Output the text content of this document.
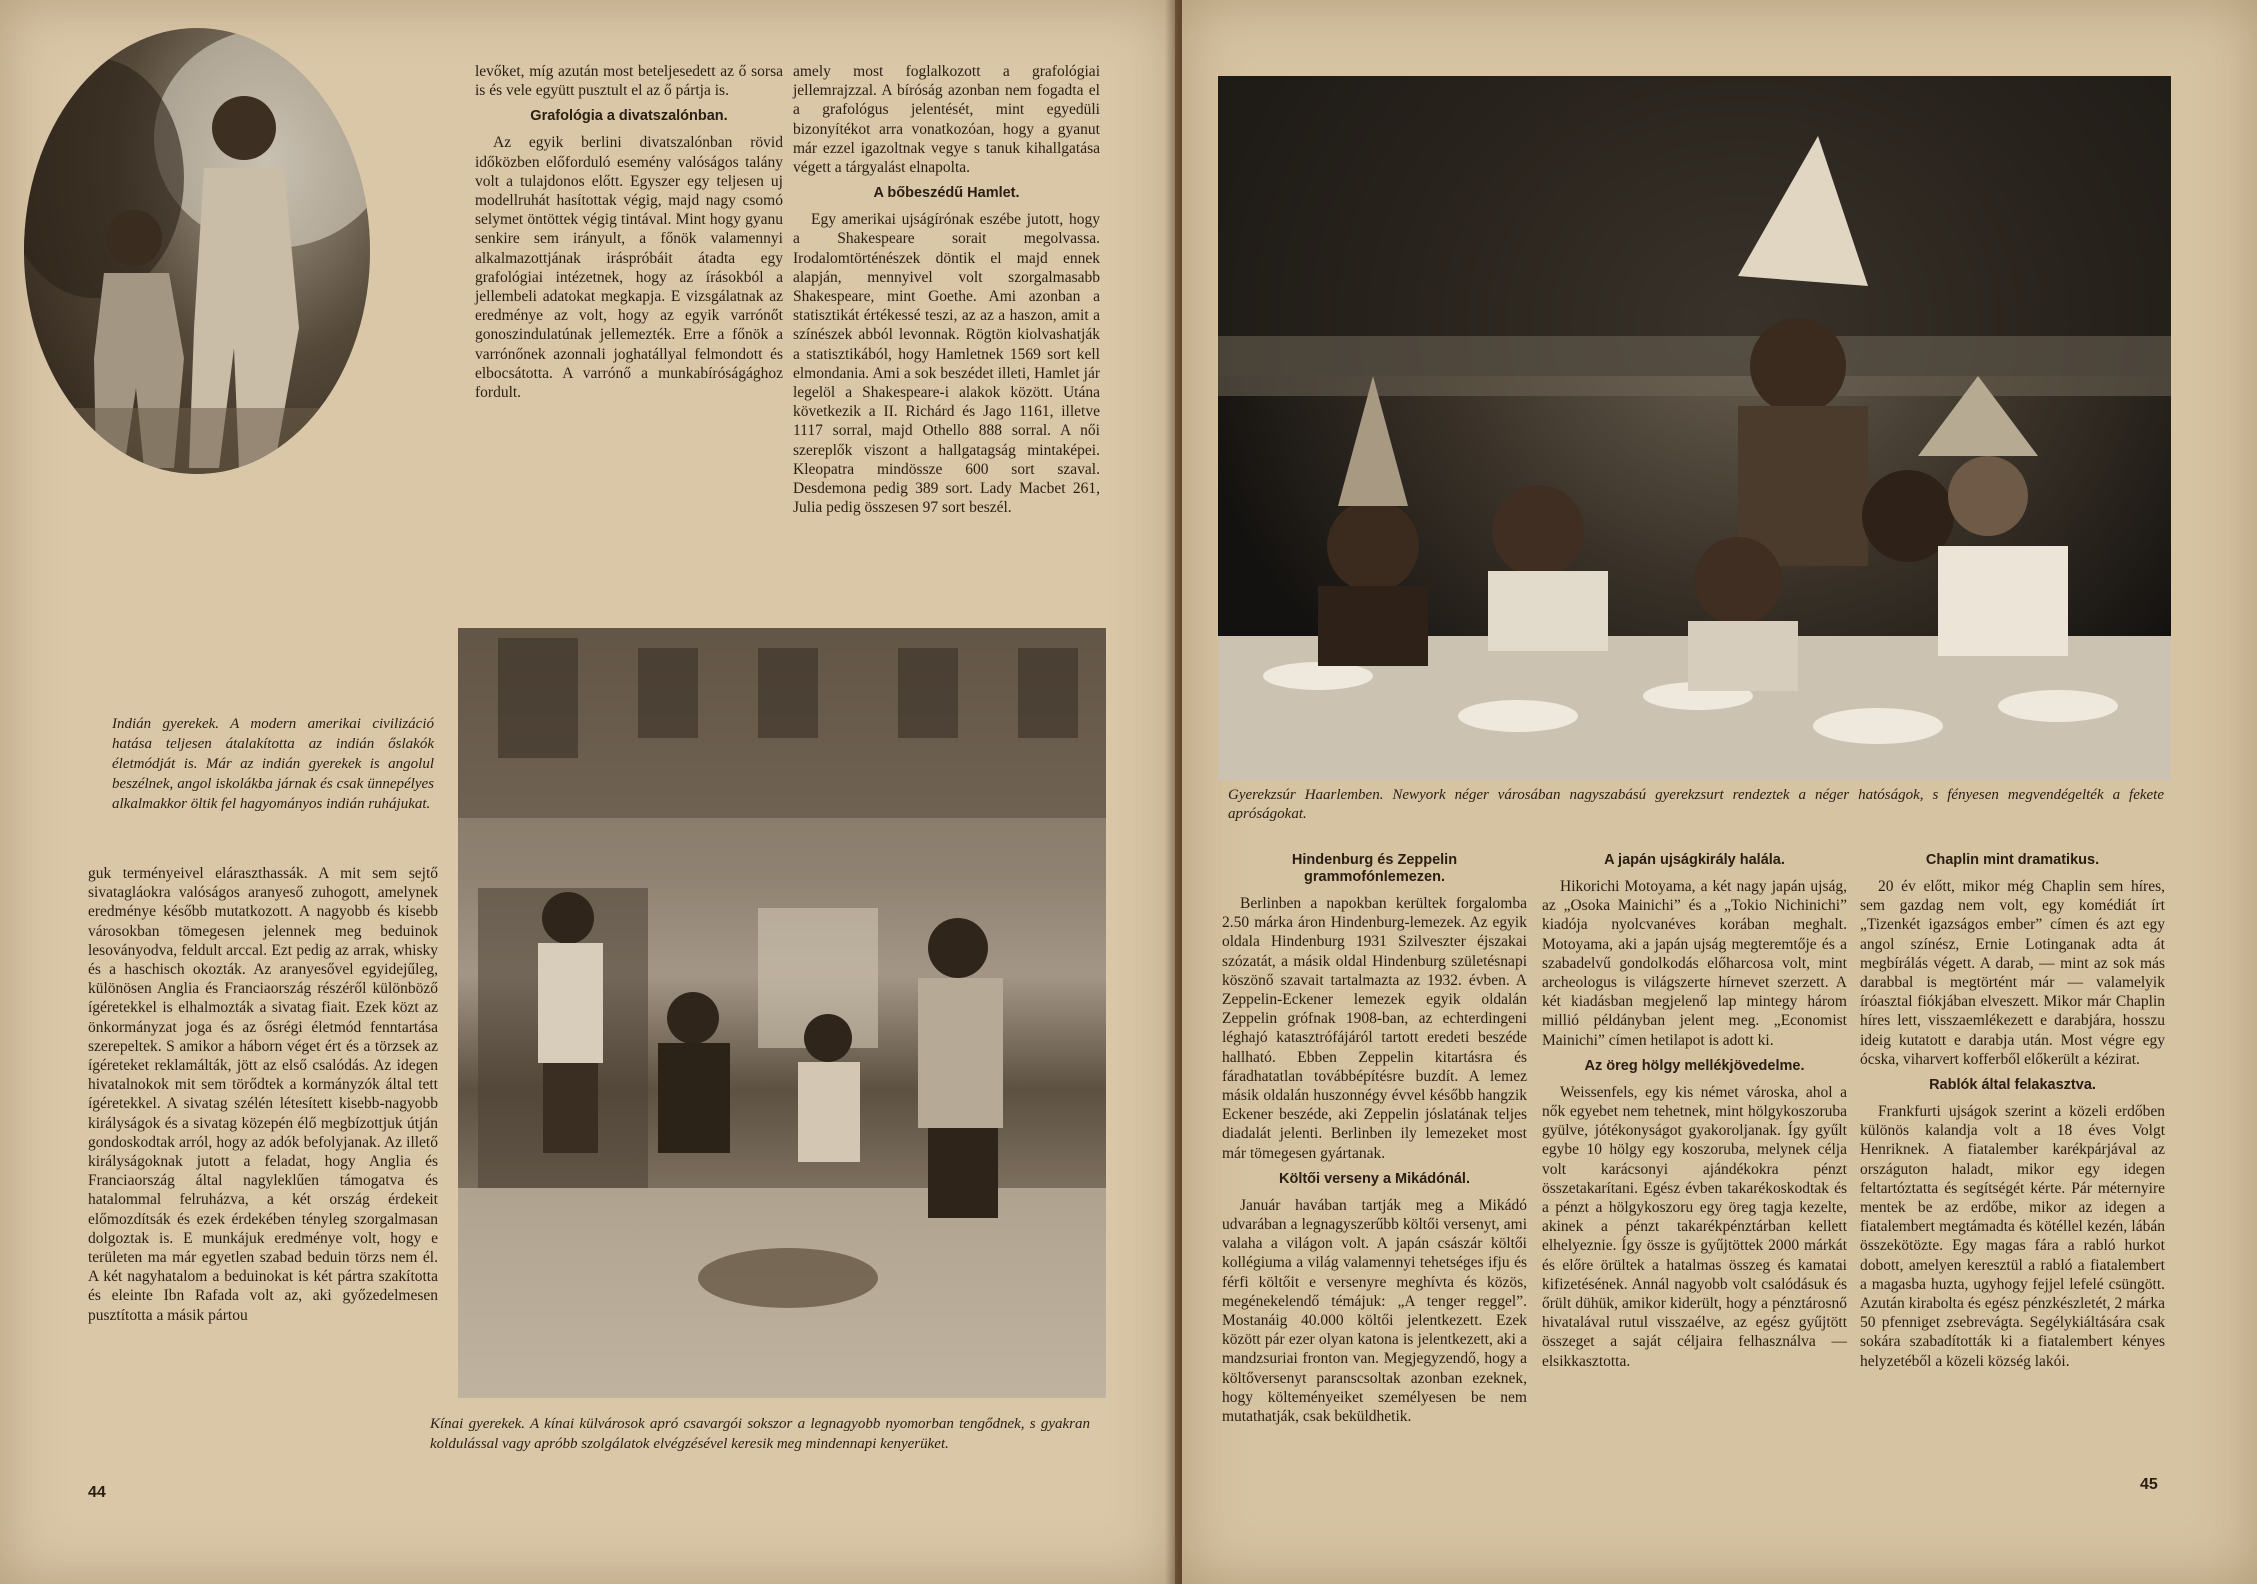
levőket, míg azután most beteljesedett az ő sorsa is és vele együtt pusztult el az ő pártja is.

Grafológia a divatszalónban.

Az egyik berlini divatszalónban rövid időközben előforduló esemény valóságos talány volt a tulajdonos előtt. Egyszer egy teljesen uj modellruhát hasítottak végig, majd nagy csomó selymet öntöttek végig tintával. Mint hogy gyanu senkire sem irányult, a főnök valamennyi alkalmazottjának iráspróbáit átadta egy grafológiai intézetnek, hogy az írásokból a jellembeli adatokat megkapja. E vizsgálatnak az eredménye az volt, hogy az egyik varrónőt gonoszindulatúnak jellemezték. Erre a főnök a varrónőnek azonnali joghatállyal felmondott és elbocsátotta. A varrónő a munkabíróságághoz fordult.

amely most foglalkozott a grafológiai jellemrajzzal. A bíróság azonban nem fogadta el a grafológus jelentését, mint egyedüli bizonyítékot arra vonatkozóan, hogy a gyanut már ezzel igazoltnak vegye s tanuk kihallgatása végett a tárgyalást elnapolta.

A bőbeszédű Hamlet.

Egy amerikai ujságírónak eszébe jutott, hogy a Shakespeare sorait megolvassa. Irodalomtörténészek döntik el majd ennek alapján, mennyivel volt szorgalmasabb Shakespeare, mint Goethe. Ami azonban a statisztikát értékessé teszi, az az a haszon, amit a színészek abból levonnak. Rögtön kiolvashatják a statisztikából, hogy Hamletnek 1569 sort kell elmondania. Ami a sok beszédet illeti, Hamlet jár legelöl a Shakespeare-i alakok között. Utána következik a II. Richárd és Jago 1161, illetve 1117 sorral, majd Othello 888 sorral. A női szereplők viszont a hallgatagság mintaképei. Kleopatra mindössze 600 sort szaval. Desdemona pedig 389 sort. Lady Macbet 261, Julia pedig összesen 97 sort beszél.

Indián gyerekek. A modern amerikai civilizáció hatása teljesen átalakította az indián őslakók életmódját is. Már az indián gyerekek is angolul beszélnek, angol iskolákba járnak és csak ünnepélyes alkalmakkor öltik fel hagyományos indián ruhájukat.

guk terményeivel eláraszthassák. A mit sem sejtő sivatagláokra valóságos aranyeső zuhogott, amelynek eredménye később mutatkozott. A nagyobb és kisebb városokban tömegesen jelennek meg beduinok lesoványodva, feldult arccal. Ezt pedig az arrak, whisky és a haschisch okozták. Az aranyesővel egyidejűleg, különösen Anglia és Franciaország részéről különböző ígéretekkel is elhalmozták a sivatag fiait. Ezek közt az önkormányzat joga és az ősrégi életmód fenntartása szerepeltek. S amikor a háborn véget ért és a törzsek az ígéreteket reklamálták, jött az első csalódás. Az idegen hivatalnokok mit sem törődtek a kormányzók által tett ígéretekkel. A sivatag szélén létesített kisebb-nagyobb királyságok és a sivatag közepén élő megbízottjuk útján gondoskodtak arról, hogy az adók befolyjanak. Az illető királyságoknak jutott a feladat, hogy Anglia és Franciaország által nagyleklűen támogatva és hatalommal felruházva, a két ország érdekeit előmozdítsák és ezek érdekében tényleg szorgalmasan dolgoztak is. E munkájuk eredménye volt, hogy e területen ma már egyetlen szabad beduin törzs nem él. A két nagyhatalom a beduinokat is két pártra szakította és eleinte Ibn Rafada volt az, aki győzedelmesen pusztította a másik pártou

Kínai gyerekek. A kínai külvárosok apró csavargói sokszor a legnagyobb nyomorban tengődnek, s gyakran koldulással vagy apróbb szolgálatok elvégzésével keresik meg mindennapi kenyerüket.
44
Gyerekzsúr Haarlemben. Newyork néger városában nagyszabású gyerekzsurt rendeztek a néger hatóságok, s fényesen megvendégelték a fekete apróságokat.
Hindenburg és Zeppelin grammofónlemezen.

Berlinben a napokban kerültek forgalomba 2.50 márka áron Hindenburg-lemezek. Az egyik oldala Hindenburg 1931 Szilveszter éjszakai szózatát, a másik oldal Hindenburg születésnapi köszönő szavait tartalmazta az 1932. évben. A Zeppelin-Eckener lemezek egyik oldalán Zeppelin grófnak 1908-ban, az echterdingeni léghajó katasztrófájáról tartott eredeti beszéde hallható. Ebben Zeppelin kitartásra és fáradhatatlan továbbépítésre buzdít. A lemez másik oldalán huszonnégy évvel később hangzik Eckener beszéde, aki Zeppelin jóslatának teljes diadalát jelenti. Berlinben ily lemezeket most már tömegesen gyártanak.

Költői verseny a Mikádónál.

Január havában tartják meg a Mikádó udvarában a legnagyszerűbb költői versenyt, ami valaha a világon volt. A japán császár költői kollégiuma a világ valamennyi tehetséges ifju és férfi költőit e versenyre meghívta és közös, megénekelendő témájuk: „A tenger reggel”. Mostanáig 40.000 költői jelentkezett. Ezek között pár ezer olyan katona is jelentkezett, aki a mandzsuriai fronton van. Megjegyzendő, hogy a költőversenyt paranscsoltak azonban ezeknek, hogy költeményeiket személyesen be nem mutathatják, csak beküldhetik.

A japán ujságkirály halála.

Hikorichi Motoyama, a két nagy japán ujság, az „Osoka Mainichi” és a „Tokio Nichinichi” kiadója nyolcvanéves korában meghalt. Motoyama, aki a japán ujság megteremtője és a szabadelvű gondolkodás előharcosa volt, mint archeologus is világszerte hírnevet szerzett. A két kiadásban megjelenő lap mintegy három millió példányban jelent meg. „Economist Mainichi” címen hetilapot is adott ki.

Az öreg hölgy mellékjövedelme.

Weissenfels, egy kis német városka, ahol a nők egyebet nem tehetnek, mint hölgykoszoruba gyülve, jótékonyságot gyakoroljanak. Így gyűlt egybe 10 hölgy egy koszoruba, melynek célja volt karácsonyi ajándékokra pénzt összetakarítani. Egész évben takarékoskodtak és a pénzt a hölgykoszoru egy öreg tagja kezelte, akinek a pénzt takarékpénztárban kellett elhelyeznie. Így össze is gyűjtöttek 2000 márkát és előre örültek a hatalmas összeg és kamatai kifizetésének. Annál nagyobb volt csalódásuk és őrült dühük, amikor kiderült, hogy a pénztárosnő hivatalával rutul visszaélve, az egész gyűjtött összeget a saját céljaira felhasználva — elsikkasztotta.

Chaplin mint dramatikus.

20 év előtt, mikor még Chaplin sem híres, sem gazdag nem volt, egy komédiát írt „Tizenkét igazságos ember” címen és azt egy angol színész, Ernie Lotinganak adta át megbírálás végett. A darab, — mint az sok más darabbal is megtörtént már — valamelyik íróasztal fiókjában elveszett. Mikor már Chaplin híres lett, visszaemlékezett e darabjára, hosszu ideig kutatott e darabja után. Most végre egy ócska, viharvert kofferből előkerült a kézirat.

Rablók által felakasztva.

Frankfurti ujságok szerint a közeli erdőben különös kalandja volt a 18 éves Volgt Henriknek. A fiatalember karékpárjával az országuton haladt, mikor egy idegen feltartóztatta és segítségét kérte. Pár méternyire mentek be az erdőbe, mikor az idegen a fiatalembert megtámadta és kötéllel kezén, lábán összekötözte. Egy magas fára a rabló hurkot dobott, amelyen keresztül a rabló a fiatalembert a magasba huzta, ugyhogy fejjel lefelé csüngött. Azután kirabolta és egész pénzkészletét, 2 márka 50 pfenniget zsebrevágta. Segélykiáltására csak sokára szabadították ki a fiatalembert kényes helyzetéből a közeli község lakói.

45
